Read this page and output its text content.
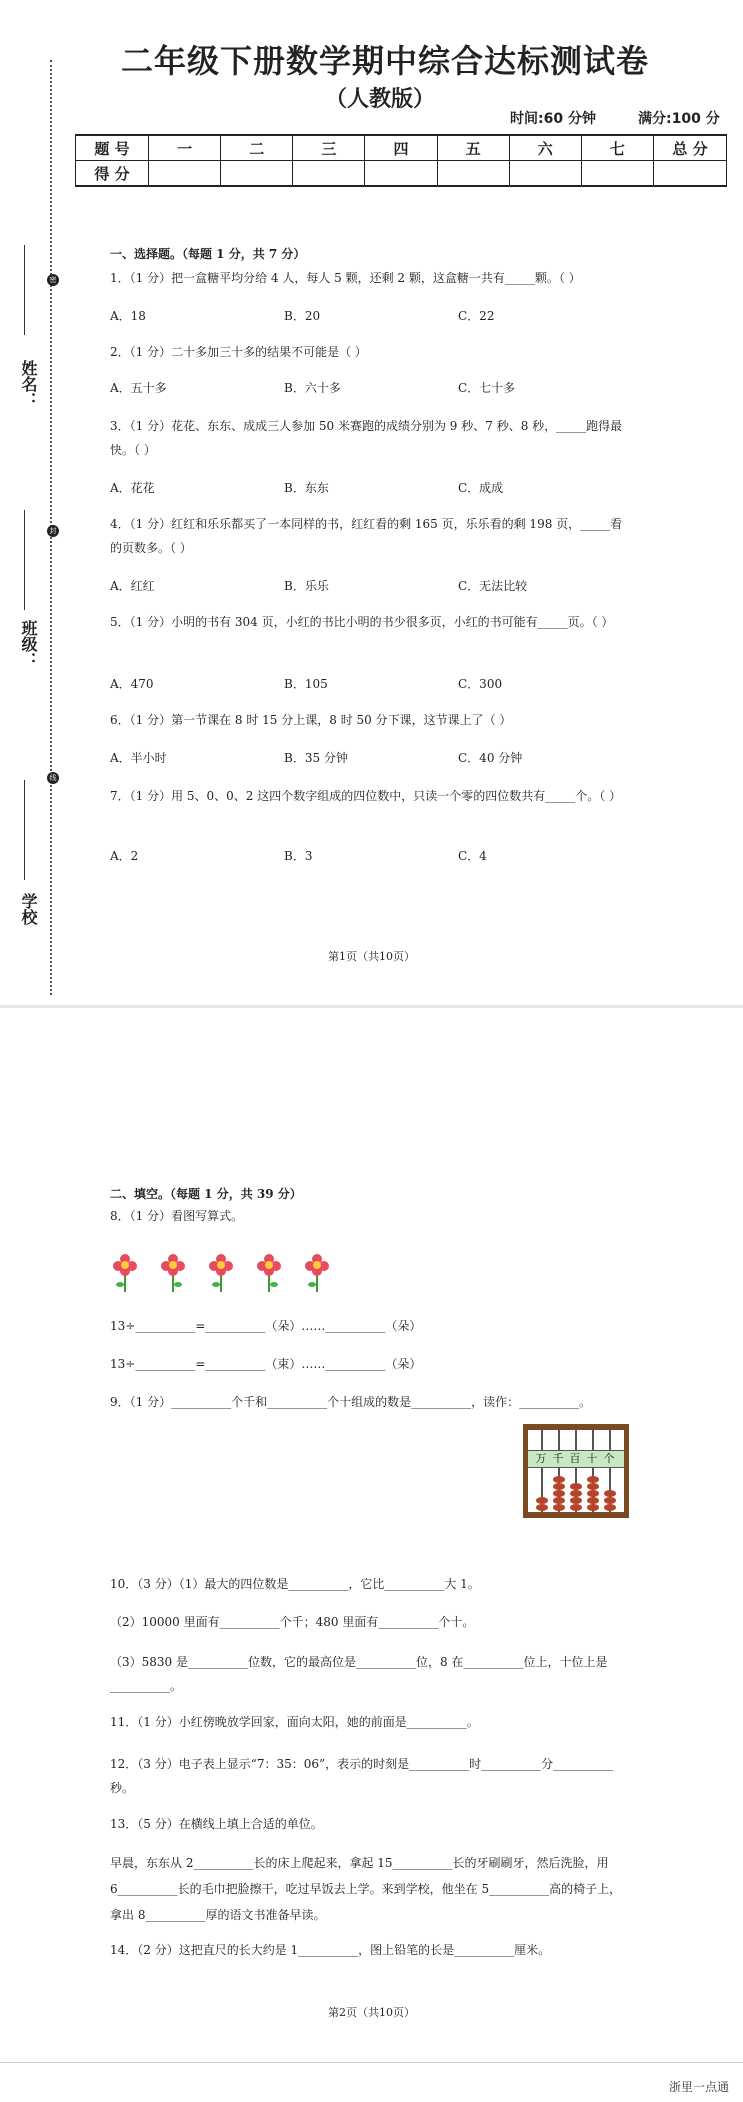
姓名：
密
班级：
封
学校
线
二年级下册数学期中综合达标测试卷
（人教版）
时间:60 分钟	满分:100 分
题 号	一	二	三	四	五	六	七	总 分
得 分								
一、选择题。（每题 1 分，共 7 分）
1．（1 分）把一盒糖平均分给 4 人，每人 5 颗，还剩 2 颗，这盒糖一共有_____颗。（ ）
A．18	B．20	C．22
2．（1 分）二十多加三十多的结果不可能是（ ）
A．五十多	B．六十多	C．七十多
3．（1 分）花花、东东、成成三人参加 50 米赛跑的成绩分别为 9 秒、7 秒、8 秒，_____跑得最快。（ ）
A．花花	B．东东	C．成成
4．（1 分）红红和乐乐都买了一本同样的书，红红看的剩 165 页，乐乐看的剩 198 页，_____看的页数多。（ ）
A．红红	B．乐乐	C．无法比较
5．（1 分）小明的书有 304 页，小红的书比小明的书少很多页，小红的书可能有_____页。（ ）
A．470	B．105	C．300
6．（1 分）第一节课在 8 时 15 分上课，8 时 50 分下课，这节课上了（ ）
A．半小时	B．35 分钟	C．40 分钟
7．（1 分）用 5、0、0、2 这四个数字组成的四位数中，只读一个零的四位数共有_____个。（ ）
A．2	B．3	C．4
第1页（共10页）
二、填空。（每题 1 分，共 39 分）
8．（1 分）看图写算式。
13÷__________=__________（朵）……__________（朵）
13÷__________=__________（束）……__________（朵）
9．（1 分）__________个千和__________个十组成的数是__________，读作：__________。
10．（3 分）（1）最大的四位数是__________，它比__________大 1。
（2）10000 里面有__________个千；480 里面有__________个十。
（3）5830 是__________位数，它的最高位是__________位，8 在__________位上，十位上是__________。
11．（1 分）小红傍晚放学回家，面向太阳，她的前面是__________。
12．（3 分）电子表上显示“7：35：06”，表示的时刻是__________时__________分__________秒。
13．（5 分）在横线上填上合适的单位。
早晨，东东从 2__________长的床上爬起来，拿起 15__________长的牙刷刷牙，然后洗脸，用 6__________长的毛巾把脸擦干，吃过早饭去上学。来到学校，他坐在 5__________高的椅子上，拿出 8__________厚的语文书准备早读。
14．（2 分）这把直尺的长大约是 1__________，图上铅笔的长是__________厘米。
第2页（共10页）
万 千 百 十 个
浙里一点通
